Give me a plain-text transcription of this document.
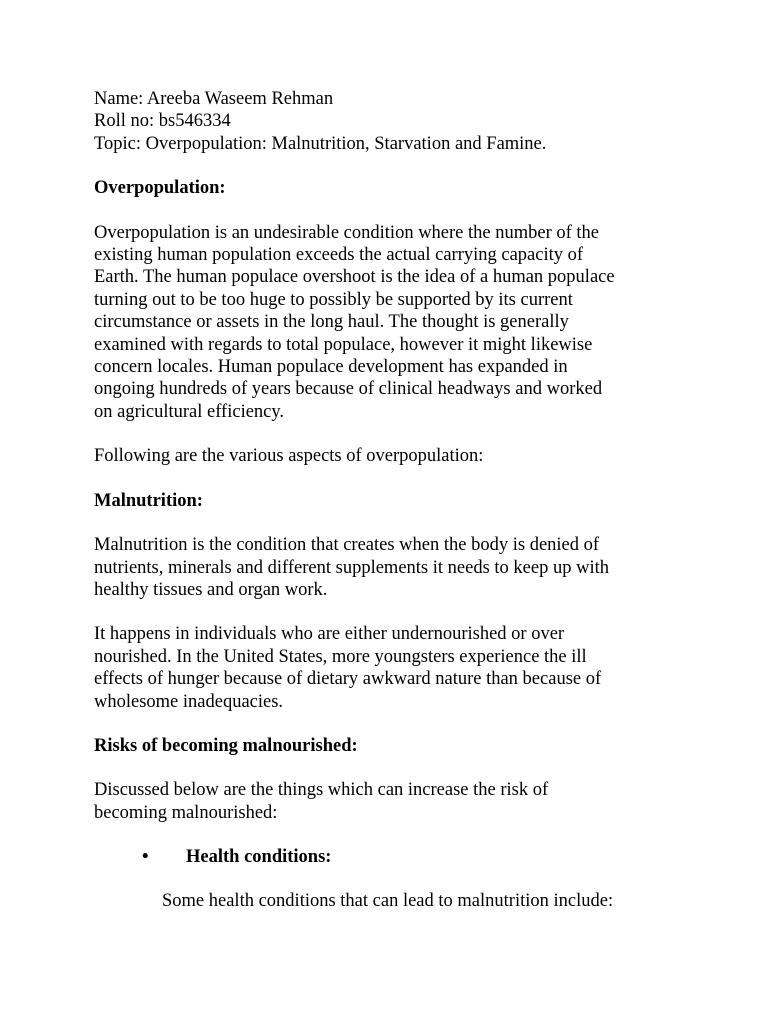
Name: Areeba Waseem Rehman

Roll no: bs546334

Topic: Overpopulation: Malnutrition, Starvation and Famine.

Overpopulation:

Overpopulation is an undesirable condition where the number of the

existing human population exceeds the actual carrying capacity of

Earth. The human populace overshoot is the idea of a human populace

turning out to be too huge to possibly be supported by its current

circumstance or assets in the long haul. The thought is generally

examined with regards to total populace, however it might likewise

concern locales. Human populace development has expanded in

ongoing hundreds of years because of clinical headways and worked

on agricultural efficiency.

Following are the various aspects of overpopulation:

Malnutrition:

Malnutrition is the condition that creates when the body is denied of

nutrients, minerals and different supplements it needs to keep up with

healthy tissues and organ work.

It happens in individuals who are either undernourished or over

nourished. In the United States, more youngsters experience the ill

effects of hunger because of dietary awkward nature than because of

wholesome inadequacies.

Risks of becoming malnourished:

Discussed below are the things which can increase the risk of

becoming malnourished:

• Health conditions:

Some health conditions that can lead to malnutrition include:
